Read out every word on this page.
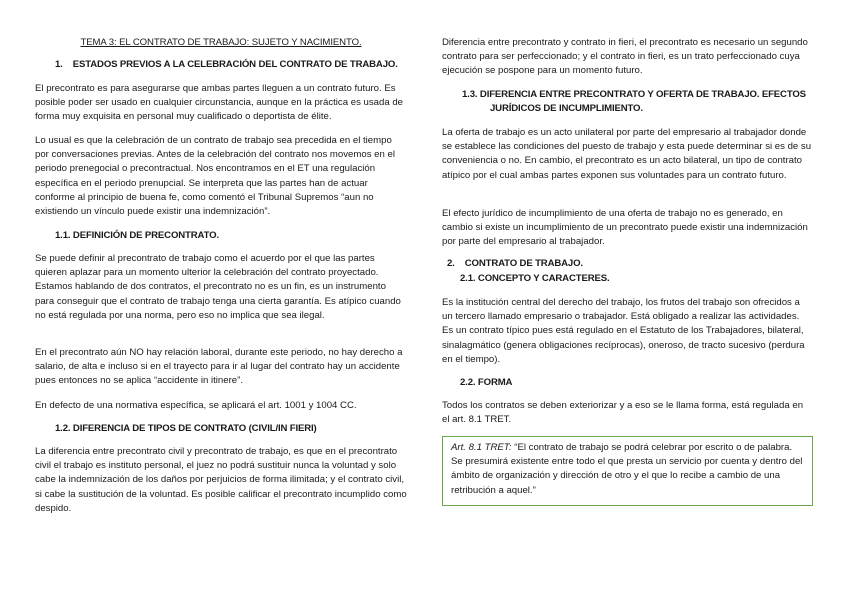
TEMA 3: EL CONTRATO DE TRABAJO: SUJETO Y NACIMIENTO.

1.    ESTADOS PREVIOS A LA CELEBRACIÓN DEL CONTRATO DE TRABAJO.

El precontrato es para asegurarse que ambas partes lleguen a un contrato futuro. Es posible poder ser usado en cualquier circunstancia, aunque en la práctica es usada de forma muy exquisita en personal muy cualificado o deportista de élite.

Lo usual es que la celebración de un contrato de trabajo sea precedida en el tiempo por conversaciones previas. Antes de la celebración del contrato nos movemos en el periodo prenegocial o precontractual. Nos encontramos en el ET una regulación específica en el periodo prenupcial. Se interpreta que las partes han de actuar conforme al principio de buena fe, como comentó el Tribunal Supremos “aun no existiendo un vínculo puede existir una indemnización”.

1.1. DEFINICIÓN DE PRECONTRATO.

Se puede definir al precontrato de trabajo como el acuerdo por el que las partes quieren aplazar para un momento ulterior la celebración del contrato proyectado. Estamos hablando de dos contratos, el precontrato no es un fin, es un instrumento para conseguir que el contrato de trabajo tenga una cierta garantía. Es atípico cuando no está regulada por una norma, pero eso no implica que sea ilegal.

En el precontrato aún NO hay relación laboral, durante este periodo, no hay derecho a salario, de alta e incluso si en el trayecto para ir al lugar del contrato hay un accidente pues entonces no se aplica “accidente in itinere”.

En defecto de una normativa específica, se aplicará el art. 1001 y 1004 CC.

1.2. DIFERENCIA DE TIPOS DE CONTRATO (CIVIL/IN FIERI)

La diferencia entre precontrato civil y precontrato de trabajo, es que en el precontrato civil el trabajo es instituto personal, el juez no podrá sustituir nunca la voluntad y solo cabe la indemnización de los daños por perjuicios de forma ilimitada; y el contrato civil, si cabe la sustitución de la voluntad. Es posible calificar el precontrato incumplido como despido.

Diferencia entre precontrato y contrato in fieri, el precontrato es necesario un segundo contrato para ser perfeccionado; y el contrato in fieri, es un trato perfeccionado cuya ejecución se pospone para un momento futuro.

1.3. DIFERENCIA ENTRE PRECONTRATO Y OFERTA DE TRABAJO. EFECTOS

JURÍDICOS DE INCUMPLIMIENTO.

La oferta de trabajo es un acto unilateral por parte del empresario al trabajador donde se establece las condiciones del puesto de trabajo y esta puede determinar si es de su conveniencia o no. En cambio, el precontrato es un acto bilateral, un tipo de contrato atípico por el cual ambas partes exponen sus voluntades para un contrato futuro.

El efecto jurídico de incumplimiento de una oferta de trabajo no es generado, en cambio si existe un incumplimiento de un precontrato puede existir una indemnización por parte del empresario al trabajador.

2.    CONTRATO DE TRABAJO.

2.1. CONCEPTO Y CARACTERES.

Es la institución central del derecho del trabajo, los frutos del trabajo son ofrecidos a un tercero llamado empresario o trabajador. Está obligado a realizar las actividades. Es un contrato típico pues está regulado en el Estatuto de los Trabajadores, bilateral, sinalagmático (genera obligaciones recíprocas), oneroso, de tracto sucesivo (perdura en el tiempo).

2.2. FORMA

Todos los contratos se deben exteriorizar y a eso se le llama forma, está regulada en el art. 8.1 TRET.

Art. 8.1 TRET: “El contrato de trabajo se podrá celebrar por escrito o de palabra. Se presumirá existente entre todo el que presta un servicio por cuenta y dentro del ámbito de organización y dirección de otro y el que lo recibe a cambio de una retribución a aquel.”
